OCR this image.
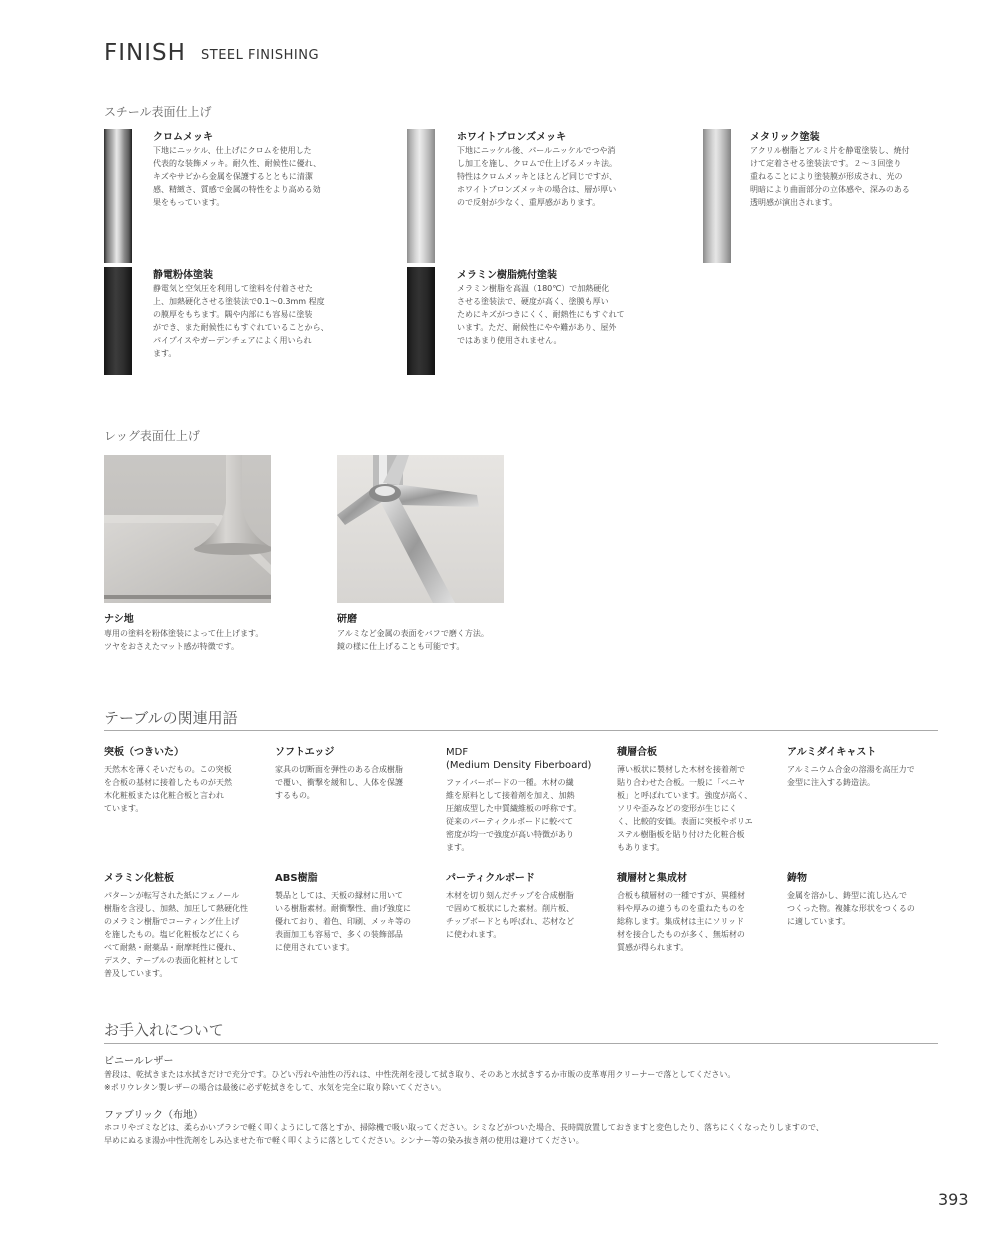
FINISH STEEL FINISHING
スチール表面仕上げ
クロムメッキ
下地にニッケル、仕上げにクロムを使用した
代表的な装飾メッキ。耐久性、耐候性に優れ、
キズやサビから金属を保護するとともに清潔
感、精緻さ、質感で金属の特性をより高める効
果をもっています。
ホワイトブロンズメッキ
下地にニッケル後、パールニッケルでつや消
し加工を施し、クロムで仕上げるメッキ法。
特性はクロムメッキとほとんど同じですが、
ホワイトブロンズメッキの場合は、層が厚い
ので反射が少なく、重厚感があります。
メタリック塗装
アクリル樹脂とアルミ片を静電塗装し、焼付
けて定着させる塗装法です。２～３回塗り
重ねることにより塗装膜が形成され、光の
明暗により曲面部分の立体感や、深みのある
透明感が演出されます。
静電粉体塗装
静電気と空気圧を利用して塗料を付着させた
上、加熱硬化させる塗装法で0.1～0.3mm 程度
の膜厚をもちます。隅や内部にも容易に塗装
ができ、また耐候性にもすぐれていることから、
パイプイスやガーデンチェアによく用いられ
ます。
メラミン樹脂焼付塗装
メラミン樹脂を高温（180℃）で加熱硬化
させる塗装法で、硬度が高く、塗膜も厚い
ためにキズがつきにくく、耐熱性にもすぐれて
います。ただ、耐候性にやや難があり、屋外
ではあまり使用されません。
レッグ表面仕上げ
ナシ地
専用の塗料を粉体塗装によって仕上げます。
ツヤをおさえたマット感が特徴です。
研磨
アルミなど金属の表面をバフで磨く方法。
鏡の様に仕上げることも可能です。
テーブルの関連用語
突板（つきいた）
天然木を薄くそいだもの。この突板
を合板の基材に接着したものが天然
木化粧板または化粧合板と言われ
ています。
ソフトエッジ
家具の切断面を弾性のある合成樹脂
で覆い、衝撃を緩和し、人体を保護
するもの。
MDF
(Medium Density Fiberboard)
ファイバーボードの一種。木材の繊
維を原料として接着剤を加え、加熱
圧縮成型した中質繊維板の呼称です。
従来のパーティクルボードに較べて
密度が均一で強度が高い特徴があり
ます。
積層合板
薄い板状に製材した木材を接着剤で
貼り合わせた合板。一般に「ベニヤ
板」と呼ばれています。強度が高く、
ソリや歪みなどの変形が生じにく
く、比較的安価。表面に突板やポリエ
ステル樹脂板を貼り付けた化粧合板
もあります。
アルミダイキャスト
アルミニウム合金の溶湯を高圧力で
金型に注入する鋳造法。
メラミン化粧板
パターンが転写された紙にフェノール
樹脂を含浸し、加熱、加圧して熱硬化性
のメラミン樹脂でコーティング仕上げ
を施したもの。塩ビ化粧板などにくら
べて耐熱・耐薬品・耐摩耗性に優れ、
デスク、テーブルの表面化粧材として
普及しています。
ABS樹脂
製品としては、天板の縁材に用いて
いる樹脂素材。耐衝撃性、曲げ強度に
優れており、着色、印刷、メッキ等の
表面加工も容易で、多くの装飾部品
に使用されています。
パーティクルボード
木材を切り刻んだチップを合成樹脂
で固めて板状にした素材。削片板、
チップボードとも呼ばれ、芯材など
に使われます。
積層材と集成材
合板も積層材の一種ですが、異種材
料や厚みの違うものを重ねたものを
総称します。集成材は主にソリッド
材を接合したものが多く、無垢材の
質感が得られます。
鋳物
金属を溶かし、鋳型に流し込んで
つくった物。複雑な形状をつくるの
に適しています。
お手入れについて
ビニールレザー
普段は、乾拭きまたは水拭きだけで充分です。ひどい汚れや油性の汚れは、中性洗剤を浸して拭き取り、そのあと水拭きするか市販の皮革専用クリーナーで落としてください。
※ポリウレタン製レザーの場合は最後に必ず乾拭きをして、水気を完全に取り除いてください。
ファブリック（布地）
ホコリやゴミなどは、柔らかいブラシで軽く叩くようにして落とすか、掃除機で吸い取ってください。シミなどがついた場合、長時間放置しておきますと変色したり、落ちにくくなったりしますので、
早めにぬるま湯か中性洗剤をしみ込ませた布で軽く叩くように落としてください。シンナー等の染み抜き剤の使用は避けてください。
393
